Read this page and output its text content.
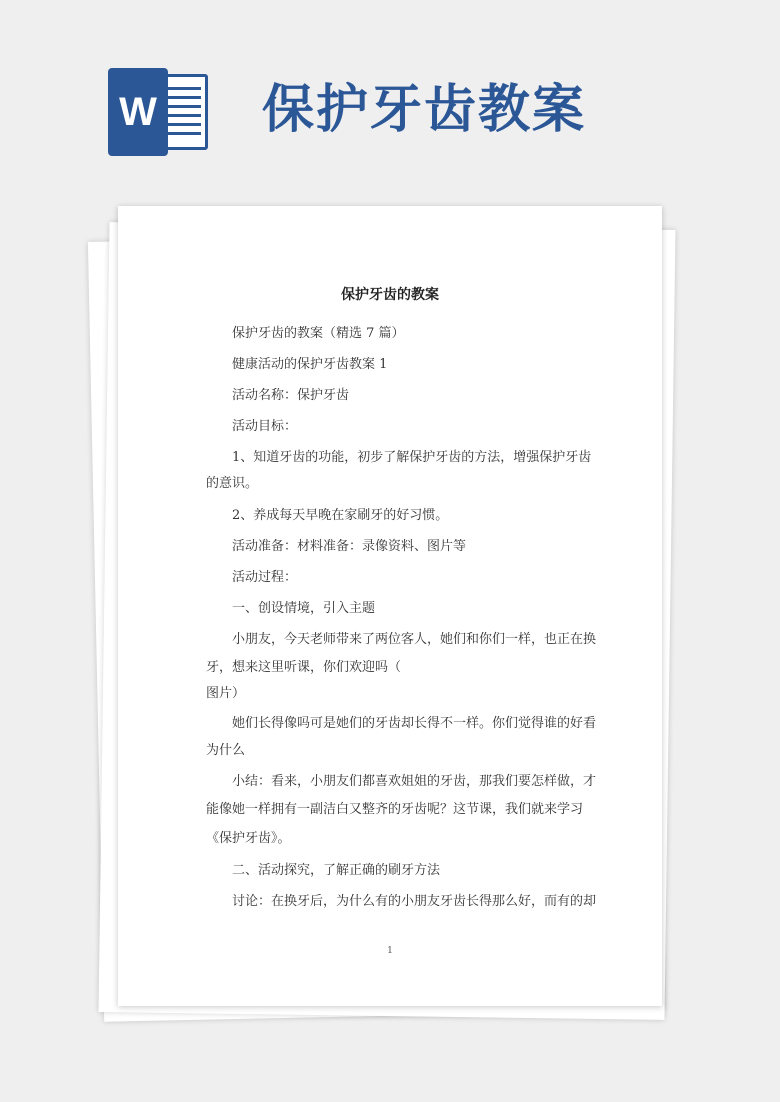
W 保护牙齿教案
保护牙齿的教案
保护牙齿的教案（精选 7 篇）
健康活动的保护牙齿教案 1
活动名称：保护牙齿
活动目标：
1、知道牙齿的功能，初步了解保护牙齿的方法，增强保护牙齿
的意识。
2、养成每天早晚在家刷牙的好习惯。
活动准备：材料准备：录像资料、图片等
活动过程：
一、创设情境，引入主题
小朋友，今天老师带来了两位客人，她们和你们一样，也正在换
牙，想来这里听课，你们欢迎吗（
图片）
她们长得像吗可是她们的牙齿却长得不一样。你们觉得谁的好看
为什么
小结：看来，小朋友们都喜欢姐姐的牙齿，那我们要怎样做，才
能像她一样拥有一副洁白又整齐的牙齿呢？这节课，我们就来学习
《保护牙齿》。
二、活动探究，了解正确的刷牙方法
讨论：在换牙后，为什么有的小朋友牙齿长得那么好，而有的却
1
